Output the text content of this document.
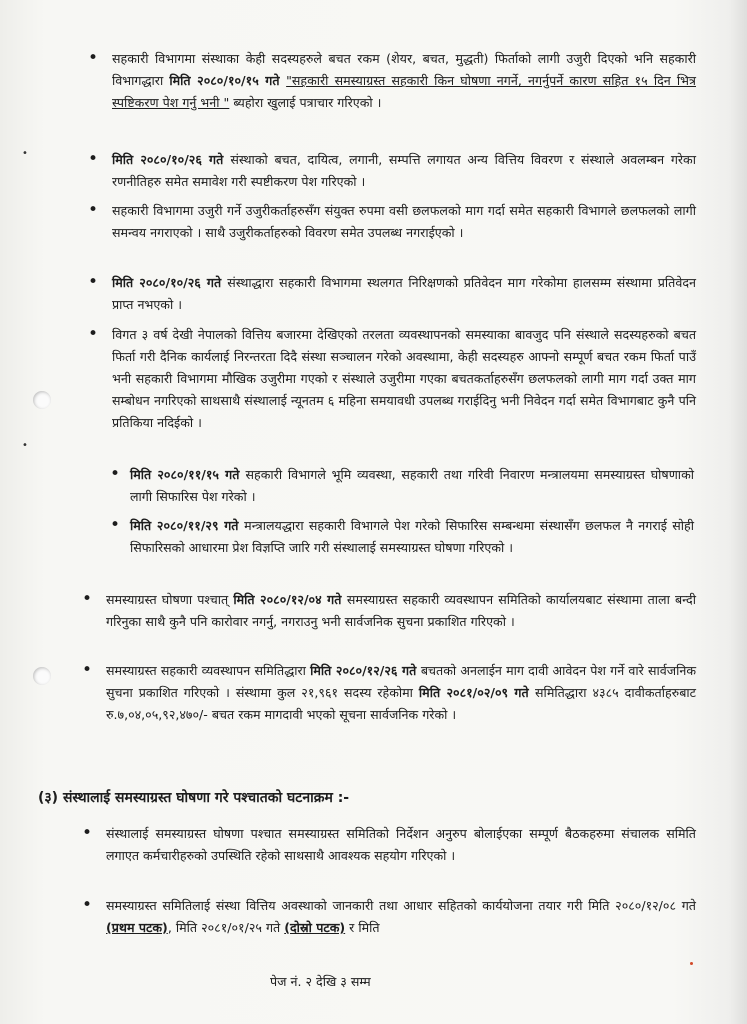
•
•
• सहकारी विभागमा संस्थाका केही सदस्यहरुले बचत रकम (शेयर, बचत, मुद्धती) फिर्ताको लागी उजुरी दिएको भनि सहकारी विभागद्धारा मिति २०८०/१०/१५ गते "सहकारी समस्याग्रस्त सहकारी किन घोषणा नगर्ने, नगर्नुपर्ने कारण सहित १५ दिन भित्र स्पष्टिकरण पेश गर्नु भनी " ब्यहोरा खुलाई पत्राचार गरिएको ।
• मिति २०८०/१०/२६ गते संस्थाको बचत, दायित्व, लगानी, सम्पत्ति लगायत अन्य वित्तिय विवरण र संस्थाले अवलम्बन गरेका रणनीतिहरु समेत समावेश गरी स्पष्टीकरण पेश गरिएको ।
• सहकारी विभागमा उजुरी गर्ने उजुरीकर्ताहरुसँग संयुक्त रुपमा वसी छलफलको माग गर्दा समेत सहकारी विभागले छलफलको लागी समन्वय नगराएको । साथै उजुरीकर्ताहरुको विवरण समेत उपलब्ध नगराईएको ।
• मिति २०८०/१०/२६ गते संस्थाद्धारा सहकारी विभागमा स्थलगत निरिक्षणको प्रतिवेदन माग गरेकोमा हालसम्म संस्थामा प्रतिवेदन प्राप्त नभएको ।
• विगत ३ वर्ष देखी नेपालको वित्तिय बजारमा देखिएको तरलता व्यवस्थापनको समस्याका बावजुद पनि संस्थाले सदस्यहरुको बचत फिर्ता गरी दैनिक कार्यलाई निरन्तरता दिदै संस्था सञ्चालन गरेको अवस्थामा, केही सदस्यहरु आफ्नो सम्पूर्ण बचत रकम फिर्ता पाउँ भनी सहकारी विभागमा मौखिक उजुरीमा गएको र संस्थाले उजुरीमा गएका बचतकर्ताहरुसँग छलफलको लागी माग गर्दा उक्त माग सम्बोधन नगरिएको साथसाथै संस्थालाई न्यूनतम ६ महिना समयावधी उपलब्ध गराईदिनु भनी निवेदन गर्दा समेत विभागबाट कुनै पनि प्रतिकिया नदिईको ।
• मिति २०८०/११/१५ गते सहकारी विभागले भूमि व्यवस्था, सहकारी तथा गरिवी निवारण मन्त्रालयमा समस्याग्रस्त घोषणाको लागी सिफारिस पेश गरेको ।
• मिति २०८०/११/२९ गते मन्त्रालयद्धारा सहकारी विभागले पेश गरेको सिफारिस सम्बन्धमा संस्थासँग छलफल नै नगराई सोही सिफारिसको आधारमा प्रेश विज्ञप्ति जारि गरी संस्थालाई समस्याग्रस्त घोषणा गरिएको ।
• समस्याग्रस्त घोषणा पश्चात् मिति २०८०/१२/०४ गते समस्याग्रस्त सहकारी व्यवस्थापन समितिको कार्यालयबाट संस्थामा ताला बन्दी गरिनुका साथै कुनै पनि कारोवार नगर्नु, नगराउनु भनी सार्वजनिक सुचना प्रकाशित गरिएको ।
• समस्याग्रस्त सहकारी व्यवस्थापन समितिद्धारा मिति २०८०/१२/२६ गते बचतको अनलाईन माग दावी आवेदन पेश गर्ने वारे सार्वजनिक सुचना प्रकाशित गरिएको । संस्थामा कुल २१,९६१ सदस्य रहेकोमा मिति २०८१/०२/०९ गते समितिद्धारा ४३८५ दावीकर्ताहरुबाट रु.७,०४,०५,९२,४७०/- बचत रकम मागदावी भएको सूचना सार्वजनिक गरेको ।
(३) संस्थालाई समस्याग्रस्त घोषणा गरे पश्चातको घटनाक्रम :-
• संस्थालाई समस्याग्रस्त घोषणा पश्चात समस्याग्रस्त समितिको निर्देशन अनुरुप बोलाईएका सम्पूर्ण बैठकहरुमा संचालक समिति लगाएत कर्मचारीहरुको उपस्थिति रहेको साथसाथै आवश्यक सहयोग गरिएको ।
• समस्याग्रस्त समितिलाई संस्था वित्तिय अवस्थाको जानकारी तथा आधार सहितको कार्ययोजना तयार गरी मिति २०८०/१२/०८ गते (प्रथम पटक), मिति २०८१/०१/२५ गते (दोस्रो पटक) र मिति
पेज नं. २ देखि ३ सम्म
